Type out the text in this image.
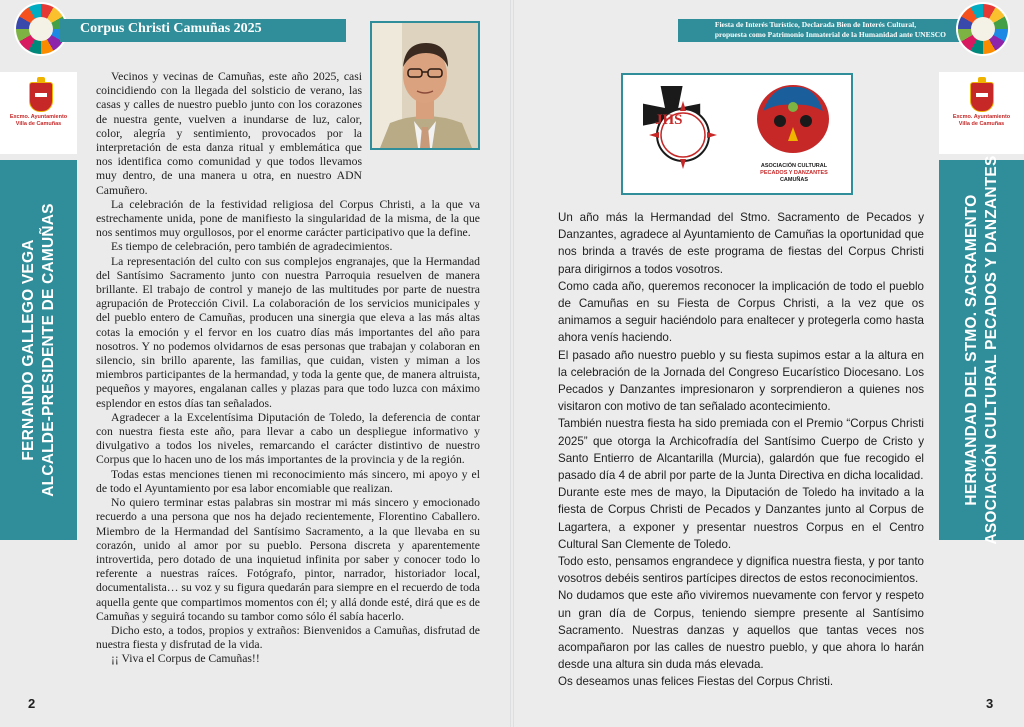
Corpus Christi Camuñas 2025
Excmo. Ayuntamiento
Villa de Camuñas
FERNANDO GALLEGO VEGA ALCALDE-PRESIDENTE DE CAMUÑAS

Vecinos y vecinas de Camuñas, este año 2025, casi coincidiendo con la llegada del solsticio de verano, las casas y calles de nuestro pueblo junto con los corazones de nuestra gente, vuelven a inundarse de luz, calor, color, alegría y sentimiento, provocados por la interpretación de esta danza ritual y emblemática que nos identifica como comunidad y que todos llevamos muy dentro, de una manera u otra, en nuestro ADN Camuñero.

La celebración de la festividad religiosa del Corpus Christi, a la que va estrechamente unida, pone de manifiesto la singularidad de la misma, de la que nos sentimos muy orgullosos, por el enorme carácter participativo que la define.

Es tiempo de celebración, pero también de agradecimientos.

La representación del culto con sus complejos engranajes, que la Hermandad del Santísimo Sacramento junto con nuestra Parroquia resuelven de manera brillante. El trabajo de control y manejo de las multitudes por parte de nuestra agrupación de Protección Civil. La colaboración de los servicios municipales y del pueblo entero de Camuñas, producen una sinergia que eleva a las más altas cotas la emoción y el fervor en los cuatro días más importantes del año para nosotros. Y no podemos olvidarnos de esas personas que trabajan y colaboran en silencio, sin brillo aparente, las familias, que cuidan, visten y miman a los miembros participantes de la hermandad, y toda la gente que, de manera altruista, pequeños y mayores, engalanan calles y plazas para que todo luzca con máximo esplendor en estos días tan señalados.

Agradecer a la Excelentísima Diputación de Toledo, la deferencia de contar con nuestra fiesta este año, para llevar a cabo un despliegue informativo y divulgativo a todos los niveles, remarcando el carácter distintivo de nuestro Corpus que lo hacen uno de los más importantes de la provincia y de la región.

Todas estas menciones tienen mi reconocimiento más sincero, mi apoyo y el de todo el Ayuntamiento por esa labor encomiable que realizan.

No quiero terminar estas palabras sin mostrar mi más sincero y emocionado recuerdo a una persona que nos ha dejado recientemente, Florentino Caballero. Miembro de la Hermandad del Santísimo Sacramento, a la que llevaba en su corazón, unido al amor por su pueblo. Persona discreta y aparentemente introvertida, pero dotado de una inquietud infinita por saber y conocer todo lo referente a nuestras raíces. Fotógrafo, pintor, narrador, historiador local, documentalista… su voz y su figura quedarán para siempre en el recuerdo de toda aquella gente que compartimos momentos con él; y allá donde esté, dirá que es de Camuñas y seguirá tocando su tambor como sólo él sabía hacerlo.

Dicho esto, a todos, propios y extraños: Bienvenidos a Camuñas, disfrutad de nuestra fiesta y disfrutad de la vida.

¡¡ Viva el Corpus de Camuñas!!

2
Fiesta de Interés Turístico, Declarada Bien de Interés Cultural,
propuesta como Patrimonio Inmaterial de la Humanidad ante UNESCO
Excmo. Ayuntamiento
Villa de Camuñas
HERMANDAD DEL STMO. SACRAMENTO ASOCIACIÓN CULTURAL PECADOS Y DANZANTES

Un año más la Hermandad del Stmo. Sacramento de Pecados y Danzantes, agradece al Ayuntamiento de Camuñas la oportunidad que nos brinda a través de este programa de fiestas del Corpus Christi para dirigirnos a todos vosotros.

Como cada año, queremos reconocer la implicación de todo el pueblo de Camuñas en su Fiesta de Corpus Christi, a la vez que os animamos a seguir haciéndolo para enaltecer y protegerla como hasta ahora venís haciendo.

El pasado año nuestro pueblo y su fiesta supimos estar a la altura en la celebración de la Jornada del Congreso Eucarístico Diocesano. Los Pecados y Danzantes impresionaron y sorprendieron a quienes nos visitaron con motivo de tan señalado acontecimiento.

También nuestra fiesta ha sido premiada con el Premio “Corpus Christi 2025” que otorga la Archicofradía del Santísimo Cuerpo de Cristo y Santo Entierro de Alcantarilla (Murcia), galardón que fue recogido el pasado día 4 de abril por parte de la Junta Directiva en dicha localidad.

Durante este mes de mayo, la Diputación de Toledo ha invitado a la fiesta de Corpus Christi de Pecados y Danzantes junto al Corpus de Lagartera, a exponer y presentar nuestros Corpus en el Centro Cultural San Clemente de Toledo.

Todo esto, pensamos engrandece y dignifica nuestra fiesta, y por tanto vosotros debéis sentiros partícipes directos de estos reconocimientos.

No dudamos que este año viviremos nuevamente con fervor y respeto un gran día de Corpus, teniendo siempre presente al Santísimo Sacramento. Nuestras danzas y aquellos que tantas veces nos acompañaron por las calles de nuestro pueblo, y que ahora lo harán desde una altura sin duda más elevada.

Os deseamos unas felices Fiestas del Corpus Christi.

3
ASOCIACIÓN CULTURAL
PECADOS Y DANZANTES
CAMUÑAS
JHS
